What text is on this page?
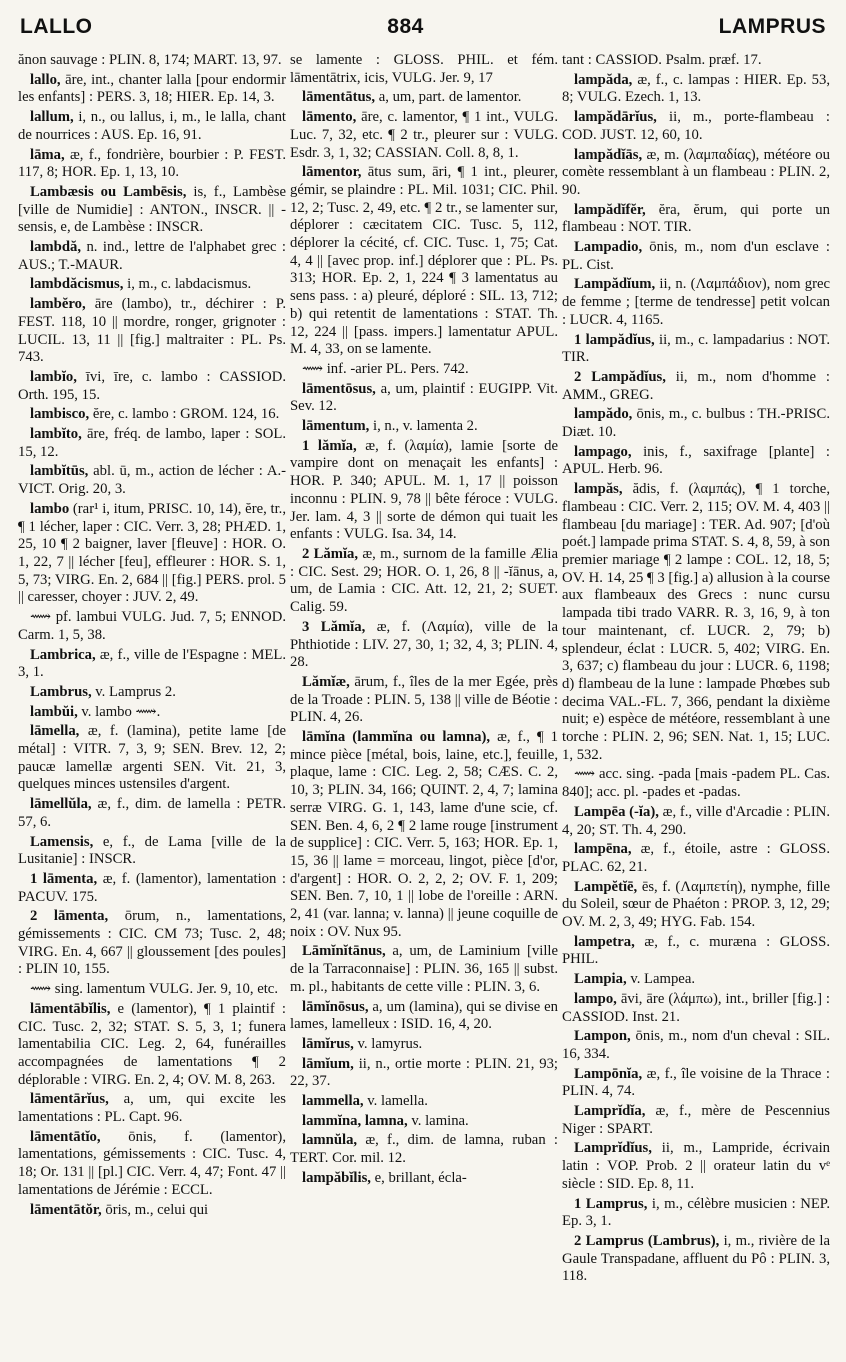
LALLO	884	LAMPRUS

ănon sauvage : PLIN. 8, 174; MART. 13, 97.

lallo, āre, int., chanter lalla [pour endormir les enfants] : PERS. 3, 18; HIER. Ep. 14, 3.

lallum, i, n., ou lallus, i, m., le lalla, chant de nourrices : AUS. Ep. 16, 91.

lāma, æ, f., fondrière, bourbier : P. FEST. 117, 8; HOR. Ep. 1, 13, 10.

Lambæsis ou Lambēsis, is, f., Lambèse [ville de Numidie] : ANTON., INSCR. || -sensis, e, de Lambèse : INSCR.

lambdă, n. ind., lettre de l'alphabet grec : AUS.; T.-MAUR.

lambdăcismus, i, m., c. labdacismus.

lambĕro, āre (lambo), tr., déchirer : P. FEST. 118, 10 || mordre, ronger, grignoter : LUCIL. 13, 11 || [fig.] maltraiter : PL. Ps. 743.

lambĭo, īvi, īre, c. lambo : CASSIOD. Orth. 195, 15.

lambisco, ĕre, c. lambo : GROM. 124, 16.

lambĭto, āre, fréq. de lambo, laper : SOL. 15, 12.

lambĭtūs, abl. ū, m., action de lécher : A.-VICT. Orig. 20, 3.

lambo (rar¹ i, itum, PRISC. 10, 14), ĕre, tr., ¶ 1 lécher, laper : CIC. Verr. 3, 28; PHÆD. 1, 25, 10 ¶ 2 baigner, laver [fleuve] : HOR. O. 1, 22, 7 || lécher [feu], effleurer : HOR. S. 1, 5, 73; VIRG. En. 2, 684 || [fig.] PERS. prol. 5 || caresser, choyer : JUV. 2, 49.

⟿ pf. lambui VULG. Jud. 7, 5; ENNOD. Carm. 1, 5, 38.

Lambrica, æ, f., ville de l'Espagne : MEL. 3, 1.

Lambrus, v. Lamprus 2.

lambŭi, v. lambo ⟿.

lāmella, æ, f. (lamina), petite lame [de métal] : VITR. 7, 3, 9; SEN. Brev. 12, 2; paucæ lamellæ argenti SEN. Vit. 21, 3, quelques minces ustensiles d'argent.

lāmellŭla, æ, f., dim. de lamella : PETR. 57, 6.

Lamensis, e, f., de Lama [ville de la Lusitanie] : INSCR.

1 lāmenta, æ, f. (lamentor), lamentation : PACUV. 175.

2 lāmenta, ōrum, n., lamentations, gémissements : CIC. CM 73; Tusc. 2, 48; VIRG. En. 4, 667 || gloussement [des poules] : PLIN 10, 155.

⟿ sing. lamentum VULG. Jer. 9, 10, etc.

lāmentābĭlis, e (lamentor), ¶ 1 plaintif : CIC. Tusc. 2, 32; STAT. S. 5, 3, 1; funera lamentabilia CIC. Leg. 2, 64, funérailles accompagnées de lamentations ¶ 2 déplorable : VIRG. En. 2, 4; OV. M. 8, 263.

lāmentārĭus, a, um, qui excite les lamentations : PL. Capt. 96.

lāmentātĭo, ōnis, f. (lamentor), lamentations, gémissements : CIC. Tusc. 4, 18; Or. 131 || [pl.] CIC. Verr. 4, 47; Font. 47 || lamentations de Jérémie : ECCL.

lāmentātŏr, ōris, m., celui qui

se lamente : GLOSS. PHIL. et fém. lāmentātrix, icis, VULG. Jer. 9, 17

lāmentātus, a, um, part. de lamentor.

lāmento, āre, c. lamentor, ¶ 1 int., VULG. Luc. 7, 32, etc. ¶ 2 tr., pleurer sur : VULG. Esdr. 3, 1, 32; CASSIAN. Coll. 8, 8, 1.

lāmentor, ātus sum, āri, ¶ 1 int., pleurer, gémir, se plaindre : PL. Mil. 1031; CIC. Phil. 12, 2; Tusc. 2, 49, etc. ¶ 2 tr., se lamenter sur, déplorer : cæcitatem CIC. Tusc. 5, 112, déplorer la cécité, cf. CIC. Tusc. 1, 75; Cat. 4, 4 || [avec prop. inf.] déplorer que : PL. Ps. 313; HOR. Ep. 2, 1, 224 ¶ 3 lamentatus au sens pass. : a) pleuré, déploré : SIL. 13, 712; b) qui retentit de lamentations : STAT. Th. 12, 224 || [pass. impers.] lamentatur APUL. M. 4, 33, on se lamente.

⟿ inf. -arier PL. Pers. 742.

lāmentōsus, a, um, plaintif : EUGIPP. Vit. Sev. 12.

lāmentum, i, n., v. lamenta 2.

1 lămĭa, æ, f. (λαμία), lamie [sorte de vampire dont on menaçait les enfants] : HOR. P. 340; APUL. M. 1, 17 || poisson inconnu : PLIN. 9, 78 || bête féroce : VULG. Jer. lam. 4, 3 || sorte de démon qui tuait les enfants : VULG. Isa. 34, 14.

2 Lămĭa, æ, m., surnom de la famille Ælia : CIC. Sest. 29; HOR. O. 1, 26, 8 || -ĭānus, a, um, de Lamia : CIC. Att. 12, 21, 2; SUET. Calig. 59.

3 Lămĭa, æ, f. (Λαμία), ville de la Phthiotide : LIV. 27, 30, 1; 32, 4, 3; PLIN. 4, 28.

Lămĭæ, ārum, f., îles de la mer Egée, près de la Troade : PLIN. 5, 138 || ville de Béotie : PLIN. 4, 26.

lāmĭna (lammĭna ou lamna), æ, f., ¶ 1 mince pièce [métal, bois, laine, etc.], feuille, plaque, lame : CIC. Leg. 2, 58; CÆS. C. 2, 10, 3; PLIN. 34, 166; QUINT. 2, 4, 7; lamina serræ VIRG. G. 1, 143, lame d'une scie, cf. SEN. Ben. 4, 6, 2 ¶ 2 lame rouge [instrument de supplice] : CIC. Verr. 5, 163; HOR. Ep. 1, 15, 36 || lame = morceau, lingot, pièce [d'or, d'argent] : HOR. O. 2, 2, 2; OV. F. 1, 209; SEN. Ben. 7, 10, 1 || lobe de l'oreille : ARN. 2, 41 (var. lanna; v. lanna) || jeune coquille de noix : OV. Nux 95.

Lāmĭnĭtānus, a, um, de Laminium [ville de la Tarraconnaise] : PLIN. 36, 165 || subst. m. pl., habitants de cette ville : PLIN. 3, 6.

lāmĭnōsus, a, um (lamina), qui se divise en lames, lamelleux : ISID. 16, 4, 20.

lāmĭrus, v. lamyrus.

lāmĭum, ii, n., ortie morte : PLIN. 21, 93; 22, 37.

lammella, v. lamella.

lammĭna, lamna, v. lamina.

lamnŭla, æ, f., dim. de lamna, ruban : TERT. Cor. mil. 12.

lampăbĭlis, e, brillant, écla-

tant : CASSIOD. Psalm. præf. 17.

lampăda, æ, f., c. lampas : HIER. Ep. 53, 8; VULG. Ezech. 1, 13.

lampădārĭus, ii, m., porte-flambeau : COD. JUST. 12, 60, 10.

lampădĭās, æ, m. (λαμπαδίας), météore ou comète ressemblant à un flambeau : PLIN. 2, 90.

lampădĭfĕr, ĕra, ĕrum, qui porte un flambeau : NOT. TIR.

Lampadio, ōnis, m., nom d'un esclave : PL. Cist.

Lampădĭum, ii, n. (Λαμπάδιον), nom grec de femme ; [terme de tendresse] petit volcan : LUCR. 4, 1165.

1 lampădĭus, ii, m., c. lampadarius : NOT. TIR.

2 Lampădĭus, ii, m., nom d'homme : AMM., GREG.

lampădo, ōnis, m., c. bulbus : TH.-PRISC. Diæt. 10.

lampago, inis, f., saxifrage [plante] : APUL. Herb. 96.

lampăs, ădis, f. (λαμπάς), ¶ 1 torche, flambeau : CIC. Verr. 2, 115; OV. M. 4, 403 || flambeau [du mariage] : TER. Ad. 907; [d'où poét.] lampade prima STAT. S. 4, 8, 59, à son premier mariage ¶ 2 lampe : COL. 12, 18, 5; OV. H. 14, 25 ¶ 3 [fig.] a) allusion à la course aux flambeaux des Grecs : nunc cursu lampada tibi trado VARR. R. 3, 16, 9, à ton tour maintenant, cf. LUCR. 2, 79; b) splendeur, éclat : LUCR. 5, 402; VIRG. En. 3, 637; c) flambeau du jour : LUCR. 6, 1198; d) flambeau de la lune : lampade Phœbes sub decima VAL.-FL. 7, 366, pendant la dixième nuit; e) espèce de météore, ressemblant à une torche : PLIN. 2, 96; SEN. Nat. 1, 15; LUC. 1, 532.

⟿ acc. sing. -pada [mais -padem PL. Cas. 840]; acc. pl. -pades et -padas.

Lampēa (-ĭa), æ, f., ville d'Arcadie : PLIN. 4, 20; ST. Th. 4, 290.

lampēna, æ, f., étoile, astre : GLOSS. PLAC. 62, 21.

Lampĕtĭē, ēs, f. (Λαμπετίη), nymphe, fille du Soleil, sœur de Phaéton : PROP. 3, 12, 29; OV. M. 2, 3, 49; HYG. Fab. 154.

lampetra, æ, f., c. muræna : GLOSS. PHIL.

Lampia, v. Lampea.

lampo, āvi, āre (λάμπω), int., briller [fig.] : CASSIOD. Inst. 21.

Lampon, ōnis, m., nom d'un cheval : SIL. 16, 334.

Lampōnĭa, æ, f., île voisine de la Thrace : PLIN. 4, 74.

Lamprĭdĭa, æ, f., mère de Pescennius Niger : SPART.

Lamprĭdĭus, ii, m., Lampride, écrivain latin : VOP. Prob. 2 || orateur latin du vᵉ siècle : SID. Ep. 8, 11.

1 Lamprus, i, m., célèbre musicien : NEP. Ep. 3, 1.

2 Lamprus (Lambrus), i, m., rivière de la Gaule Transpadane, affluent du Pô : PLIN. 3, 118.
